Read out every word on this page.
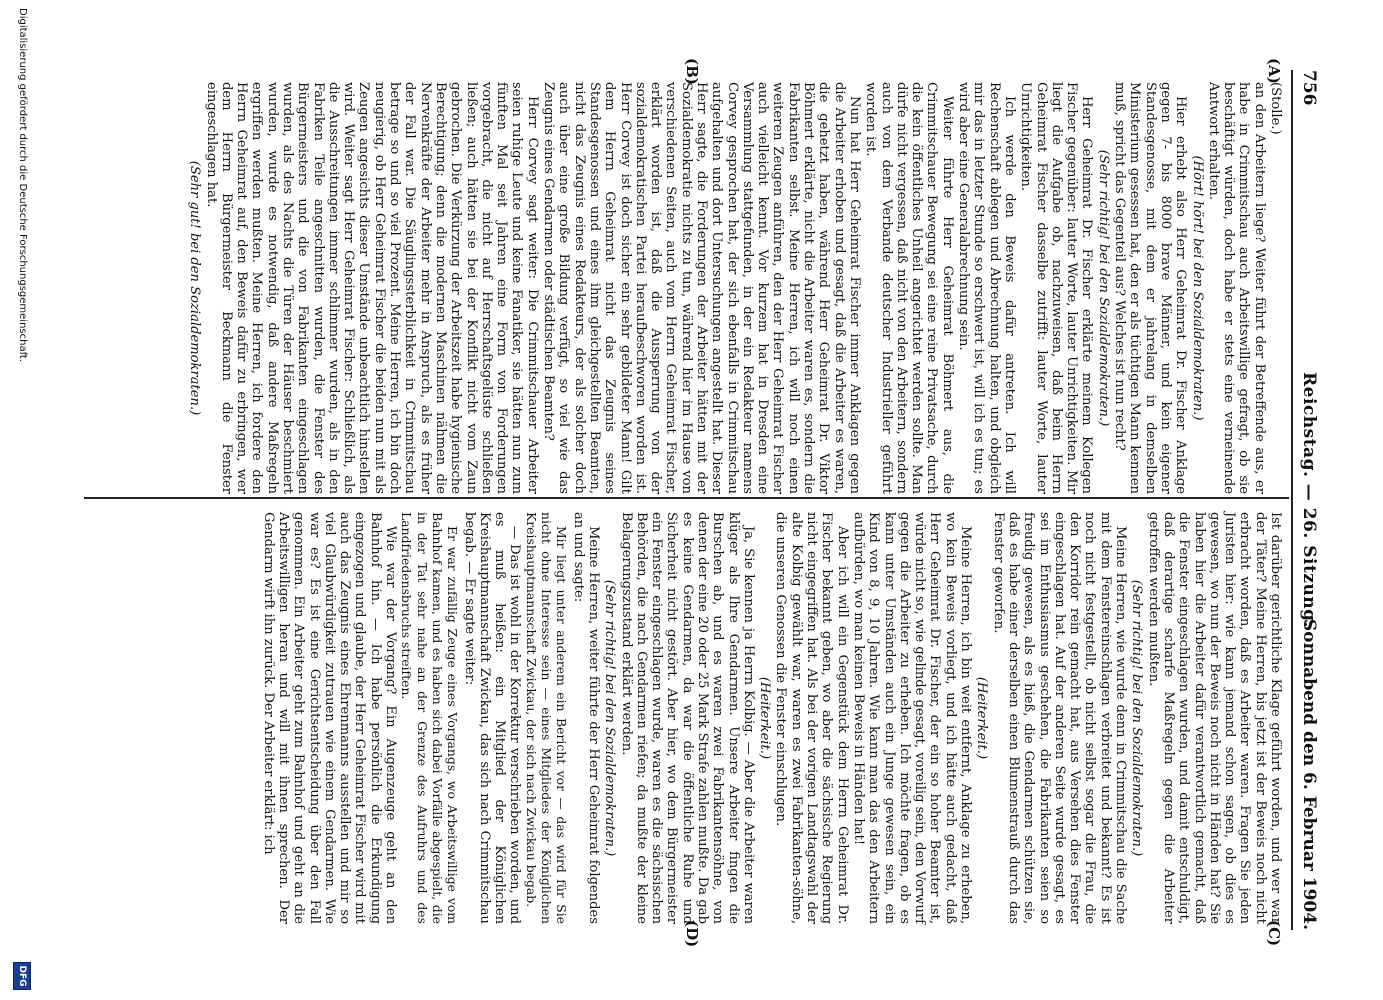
756
Reichstag. — 26. Sitzung.
Sonnabend den 6. Februar 1904.
(A)
(B)
(C)
(D)

(Stolle.)

an den Arbeitern liege? Weiter führt der Betreffende aus, er habe in Crimmitschau auch Arbeitswillige gefragt, ob sie beschäftigt würden, doch habe er stets eine verneinende Antwort erhalten.

(Hört! hört! bei den Sozialdemokraten.)

Hier erhebt also Herr Geheimrat Dr. Fischer Anklage gegen 7- bis 8000 brave Männer, und kein eigener Standesgenosse, mit dem er jahrelang in demselben Ministerium gesessen hat, den er als tüchtigen Mann kennen muß, spricht das Gegenteil aus? Welches ist nun recht?

(Sehr richtig! bei den Sozialdemokraten.)

Herr Geheimrat Dr. Fischer erklärte meinem Kollegen Fischer gegenüber: lauter Worte, lauter Unrichtigkeiten. Mir liegt die Aufgabe ob, nachzuweisen, daß beim Herrn Geheimrat Fischer dasselbe zutrifft: lauter Worte, lauter Unrichtigkeiten.

Ich werde den Beweis dafür antreten. Ich will Rechenschaft ablegen und Abrechnung halten, und obgleich mir das in letzter Stunde so erschwert ist, will ich es tun; es wird aber eine Generalabrechnung sein.

Weiter führte Herr Geheimrat Böhmert aus, die Crimmitschauer Bewegung sei eine reine Privatsache, durch die kein öffentliches Unheil angerichtet werden sollte. Man dürfe nicht vergessen, daß nicht von den Arbeitern, sondern auch von dem Verbande deutscher Industrieller geführt worden ist.

Nun hat Herr Geheimrat Fischer immer Anklagen gegen die Arbeiter erhoben und gesagt, daß die Arbeiter es waren, die gehetzt haben, während Herr Geheimrat Dr. Viktor Böhmert erklärte, nicht die Arbeiter waren es, sondern die Fabrikanten selbst. Meine Herren, ich will noch einen weiteren Zeugen anführen, den der Herr Geheimrat Fischer auch vielleicht kennt. Vor kurzem hat in Dresden eine Versammlung stattgefunden, in der ein Redakteur namens Corvey gesprochen hat, der sich ebenfalls in Crimmitschau aufgehalten und dort Untersuchungen angestellt hat. Dieser Herr sagte, die Forderungen der Arbeiter hätten mit der Sozialdemokratie nichts zu tun, während hier im Hause von verschiedenen Seiten, auch vom Herrn Geheimrat Fischer, erklärt worden ist, daß die Aussperrung von der sozialdemokratischen Partei heraufbeschworen worden ist. Herr Corvey ist doch sicher ein sehr gebildeter Mann! Gilt dem Herrn Geheimrat nicht das Zeugnis seines Standesgenossen und eines ihm gleichgestellten Beamten, nicht das Zeugnis eines Redakteurs, der als solcher doch auch über eine große Bildung verfügt, so viel wie das Zeugnis eines Gendarmen oder städtischen Beamten?

Herr Corvey sagt weiter: Die Crimmitschauer Arbeiter seien ruhige Leute und keine Fanatiker, sie hätten nun zum fünften Mal seit Jahren eine Form von Forderungen vorgebracht, die nicht auf Herrschaftsgelüste schließen ließen; auch hätten sie bei der Konflikt nicht vom Zaun gebrochen. Die Verkürzung der Arbeitszeit habe hygienische Berechtigung; denn die modernen Maschinen nähmen die Nervenkräfte der Arbeiter mehr in Anspruch, als es früher der Fall war. Die Säuglingssterblichkeit in Crimmitschau betrage so und so viel Prozent. Meine Herren, ich bin doch neugierig, ob Herr Geheimrat Fischer die beiden nun mit als Zeugen angesichts dieser Umstände unbeachtlich hinstellen wird. Weiter sagt Herr Geheimrat Fischer: Schließlich, als die Ausschreitungen immer schlimmer wurden, als in den Fabriken Teile angeschnitten wurden, die Fenster des Bürgermeisters und die von Fabrikanten eingeschlagen wurden, als des Nachts die Türen der Häuser beschmiert wurden, wurde es notwendig, daß andere Maßregeln ergriffen werden mußten. Meine Herren, ich fordere den Herrn Geheimrat auf, den Beweis dafür zu erbringen, wer dem Herrn Bürgermeister Beckmann die Fenster eingeschlagen hat.

(Sehr gut! bei den Sozialdemokraten.)

Ist darüber gerichtliche Klage geführt worden, und wer war der Täter? Meine Herren, bis jetzt ist der Beweis noch nicht erbracht worden, daß es Arbeiter waren. Fragen Sie jeden Juristen hier: wie kann jemand schon sagen, ob dies es gewesen, wo nun der Beweis noch nicht in Händen hat? Sie haben hier die Arbeiter dafür verantwortlich gemacht, daß die Fenster eingeschlagen wurden, und damit entschuldigt, daß derartige scharfe Maßregeln gegen die Arbeiter getroffen werden mußten.

(Sehr richtig! bei den Sozialdemokraten.)

Meine Herren, wie wurde denn in Crimmitschau die Sache mit dem Fenstereinschlagen verbreitet und bekannt? Es ist noch nicht festgestellt, ob nicht selbst sogar die Frau, die den Korridor rein gemacht hat, aus Versehen dies Fenster eingeschlagen hat. Auf der anderen Seite wurde gesagt, es sei im Enthusiasmus geschehen, die Fabrikanten seien so freudig gewesen, als es hieß, die Gendarmen schützen sie, daß es habe einer derselben einen Blumenstrauß durch das Fenster geworfen.

(Heiterkeit.)

Meine Herren, ich bin weit entfernt, Anklage zu erheben, wo kein Beweis vorliegt, und ich hätte auch gedacht, daß Herr Geheimrat Dr. Fischer, der ein so hoher Beamter ist, würde nicht so, wie gelinde gesagt, voreilig sein, den Vorwurf gegen die Arbeiter zu erheben. Ich möchte fragen, ob es kann unter Umständen auch ein Junge gewesen sein, ein Kind von 8, 9, 10 Jahren. Wie kann man das den Arbeitern aufbürden, wo man keinen Beweis in Händen hat!

Aber ich will ein Gegenstück dem Herrn Geheimrat Dr. Fischer bekannt geben, wo aber die sächsische Regierung nicht eingegriffen hat. Als bei der vorigen Landtagswahl der alte Kolbig gewählt war, waren es zwei Fabrikanten-söhne, die unseren Genossen die Fenster einschlugen.

(Heiterkeit.)

Ja, Sie kennen ja Herrn Kolbig. — Aber die Arbeiter waren klüger als Ihre Gendarmen. Unsere Arbeiter fingen die Burschen ab, und es waren zwei Fabrikantensöhne, von denen der eine 20 oder 25 Mark Strafe zahlen mußte. Da gab es keine Gendarmen, da war die öffentliche Ruhe und Sicherheit nicht gestört. Aber hier, wo dem Bürgermeister ein Fenster eingeschlagen wurde, waren es die sächsischen Behörden, die nach Gendarmen riefen; da mußte der kleine Belagerungszustand erklärt werden.

(Sehr richtig! bei den Sozialdemokraten.)

Meine Herren, weiter führte der Herr Geheimrat folgendes an und sagte:

Mir liegt unter anderem ein Bericht vor — das wird für Sie nicht ohne Interesse sein — eines Mitgliedes der Königlichen Kreishauptmannschaft Zwickau, der sich nach Zwickau begab.

— Das ist wohl in der Korrektur verschrieben worden, und es muß heißen: ein Mitglied der Königlichen Kreishauptmannschaft Zwickau, das sich nach Crimmitschau begab. — Er sagte weiter:

Er war zufällig Zeuge eines Vorgangs, wo Arbeitswillige vom Bahnhof kamen, und es haben sich dabei Vorfälle abgespielt, die in der Tat sehr nahe an der Grenze des Aufruhrs und des Landfriedensbruchs streiften.

Wie war der Vorgang? Ein Augenzeuge geht an den Bahnhof hin. — Ich habe persönlich die Erkundigung eingezogen und glaube, der Herr Geheimrat Fischer wird mit auch das Zeugnis eines Ehrenmanns ausstellen und mir so viel Glaubwürdigkeit zutrauen wie einem Gendarmen. Wie war es? Es ist eine Gerichtsentscheidung über den Fall genommen. Ein Arbeiter geht zum Bahnhof und geht an die Arbeitswilligen heran und will mit ihnen sprechen. Der Gendarm wirft ihn zurück. Der Arbeiter erklärt: ich

Digitalisierung gefördert durch die Deutsche Forschungsgemeinschaft.
DFG
